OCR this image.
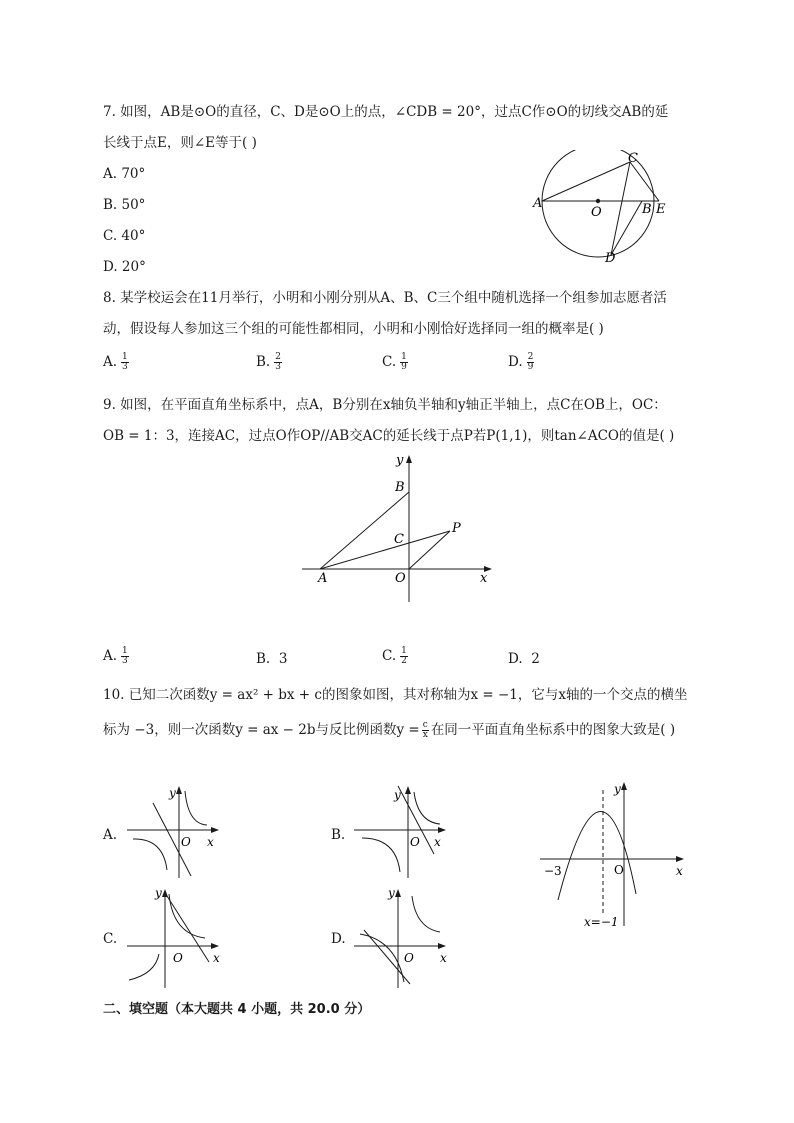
7. 如图，AB是⊙O的直径，C、D是⊙O上的点，∠CDB = 20°，过点C作⊙O的切线交AB的延
长线于点E，则∠E等于( )
A. 70°
B. 50°
C. 40°
D. 20°
A
O	B E
C
D
8. 某学校运会在11月举行，小明和小刚分别从A、B、C三个组中随机选择一个组参加志愿者活
动，假设每人参加这三个组的可能性都相同，小明和小刚恰好选择同一组的概率是( )
A. $\frac{1}{3}$	B. $\frac{2}{3}$	C. $\frac{1}{9}$	D. $\frac{2}{9}$
9. 如图，在平面直角坐标系中，点A，B分别在x轴负半轴和y轴正半轴上，点C在OB上，OC：
OB = 1：3，连接AC，过点O作OP//AB交AC的延长线于点P若P(1,1)，则tan∠ACO的值是( )
y
B
C
P
A	O	x
A. $\frac{1}{3}$	B. 3	C. $\frac{1}{2}$	D. 2
10. 已知二次函数y = ax² + bx + c的图象如图，其对称轴为x = −1，它与x轴的一个交点的横坐
标为 −3，则一次函数y = ax − 2b与反比例函数$y = \frac{c}{x}$ 在同一平面直角坐标系中的图象大致是( )
A.
y
O x	B.
y
O x
−3	O
y
x
x=−1
C.
y
O	x
D.
y
O x
二、填空题（本大题共 4 小题，共 20.0 分）
